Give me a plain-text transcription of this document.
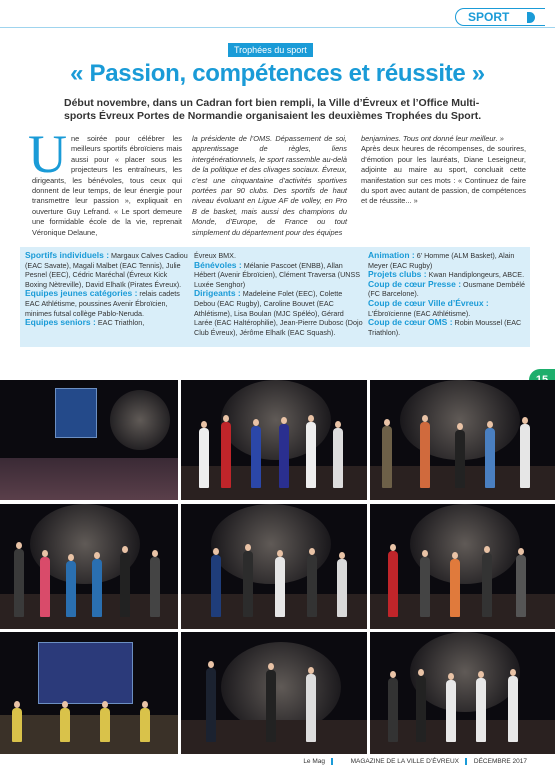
SPORT
Trophées du sport
« Passion, compétences et réussite »
Début novembre, dans un Cadran fort bien rempli, la Ville d’Évreux et l’Office Multi-sports Évreux Portes de Normandie organisaient les deuxièmes Trophées du Sport.
Une soirée pour célébrer les meilleurs sportifs ébroïciens mais aussi pour « placer sous les projecteurs les entraîneurs, les dirigeants, les bénévoles, tous ceux qui donnent de leur temps, de leur énergie pour transmettre leur passion », expliquait en ouverture Guy Lefrand. « Le sport demeure une formidable école de la vie, reprenait Véronique Delaune,
la présidente de l’OMS. Dépassement de soi, apprentissage de règles, liens intergénérationnels, le sport rassemble au-delà de la politique et des clivages sociaux. Évreux, c’est une cinquantaine d’activités sportives portées par 90 clubs. Des sportifs de haut niveau évoluant en Ligue AF de volley, en Pro B de basket, mais aussi des champions du Monde, d’Europe, de France ou tout simplement du département pour des équipes
benjamines. Tous ont donné leur meilleur. »
Après deux heures de récompenses, de sourires, d’émotion pour les lauréats, Diane Leseigneur, adjointe au maire au sport, concluait cette manifestation sur ces mots : « Continuez de faire du sport avec autant de passion, de compétences et de réussite... »
Sportifs individuels : Margaux Calves Cadiou (EAC Savate), Magali Malbet (EAC Tennis), Julie Pesnel (EEC), Cédric Maréchal (Évreux Kick Boxing Nètreville), David Elhaïk (Pirates Évreux).
Equipes jeunes catégories : relais cadets EAC Athlétisme, poussines Avenir Ébroïcien, minimes futsal collège Pablo-Neruda.
Equipes seniors : EAC Triathlon,
Évreux BMX.
Bénévoles : Mélanie Pascoet (ENBB), Allan Hébert (Avenir Ébroïcien), Clément Traversa (UNSS Luxée Senghor)
Dirigeants : Madeleine Folet (EEC), Colette Debou (EAC Rugby), Caroline Bouvet (EAC Athlétisme), Lisa Boulan (MJC Spéléo), Gérard Larée (EAC Haltérophilie), Jean-Pierre Dubosc (Dojo Club Évreux), Jérôme Elhaïk (EAC Squash).
Animation : 6’ Homme (ALM Basket), Alain Meyer (EAC Rugby)
Projets clubs : Kwan Handiplongeurs, ABCE.
Coup de cœur Presse : Ousmane Dembélé (FC Barcelone).
Coup de cœur Ville d’Évreux : L’Ébroïcienne (EAC Athlétisme).
Coup de cœur OMS : Robin Moussel (EAC Triathlon).
Le Mag	MAGAZINE DE LA VILLE D’ÉVREUX DÉCEMBRE 2017
